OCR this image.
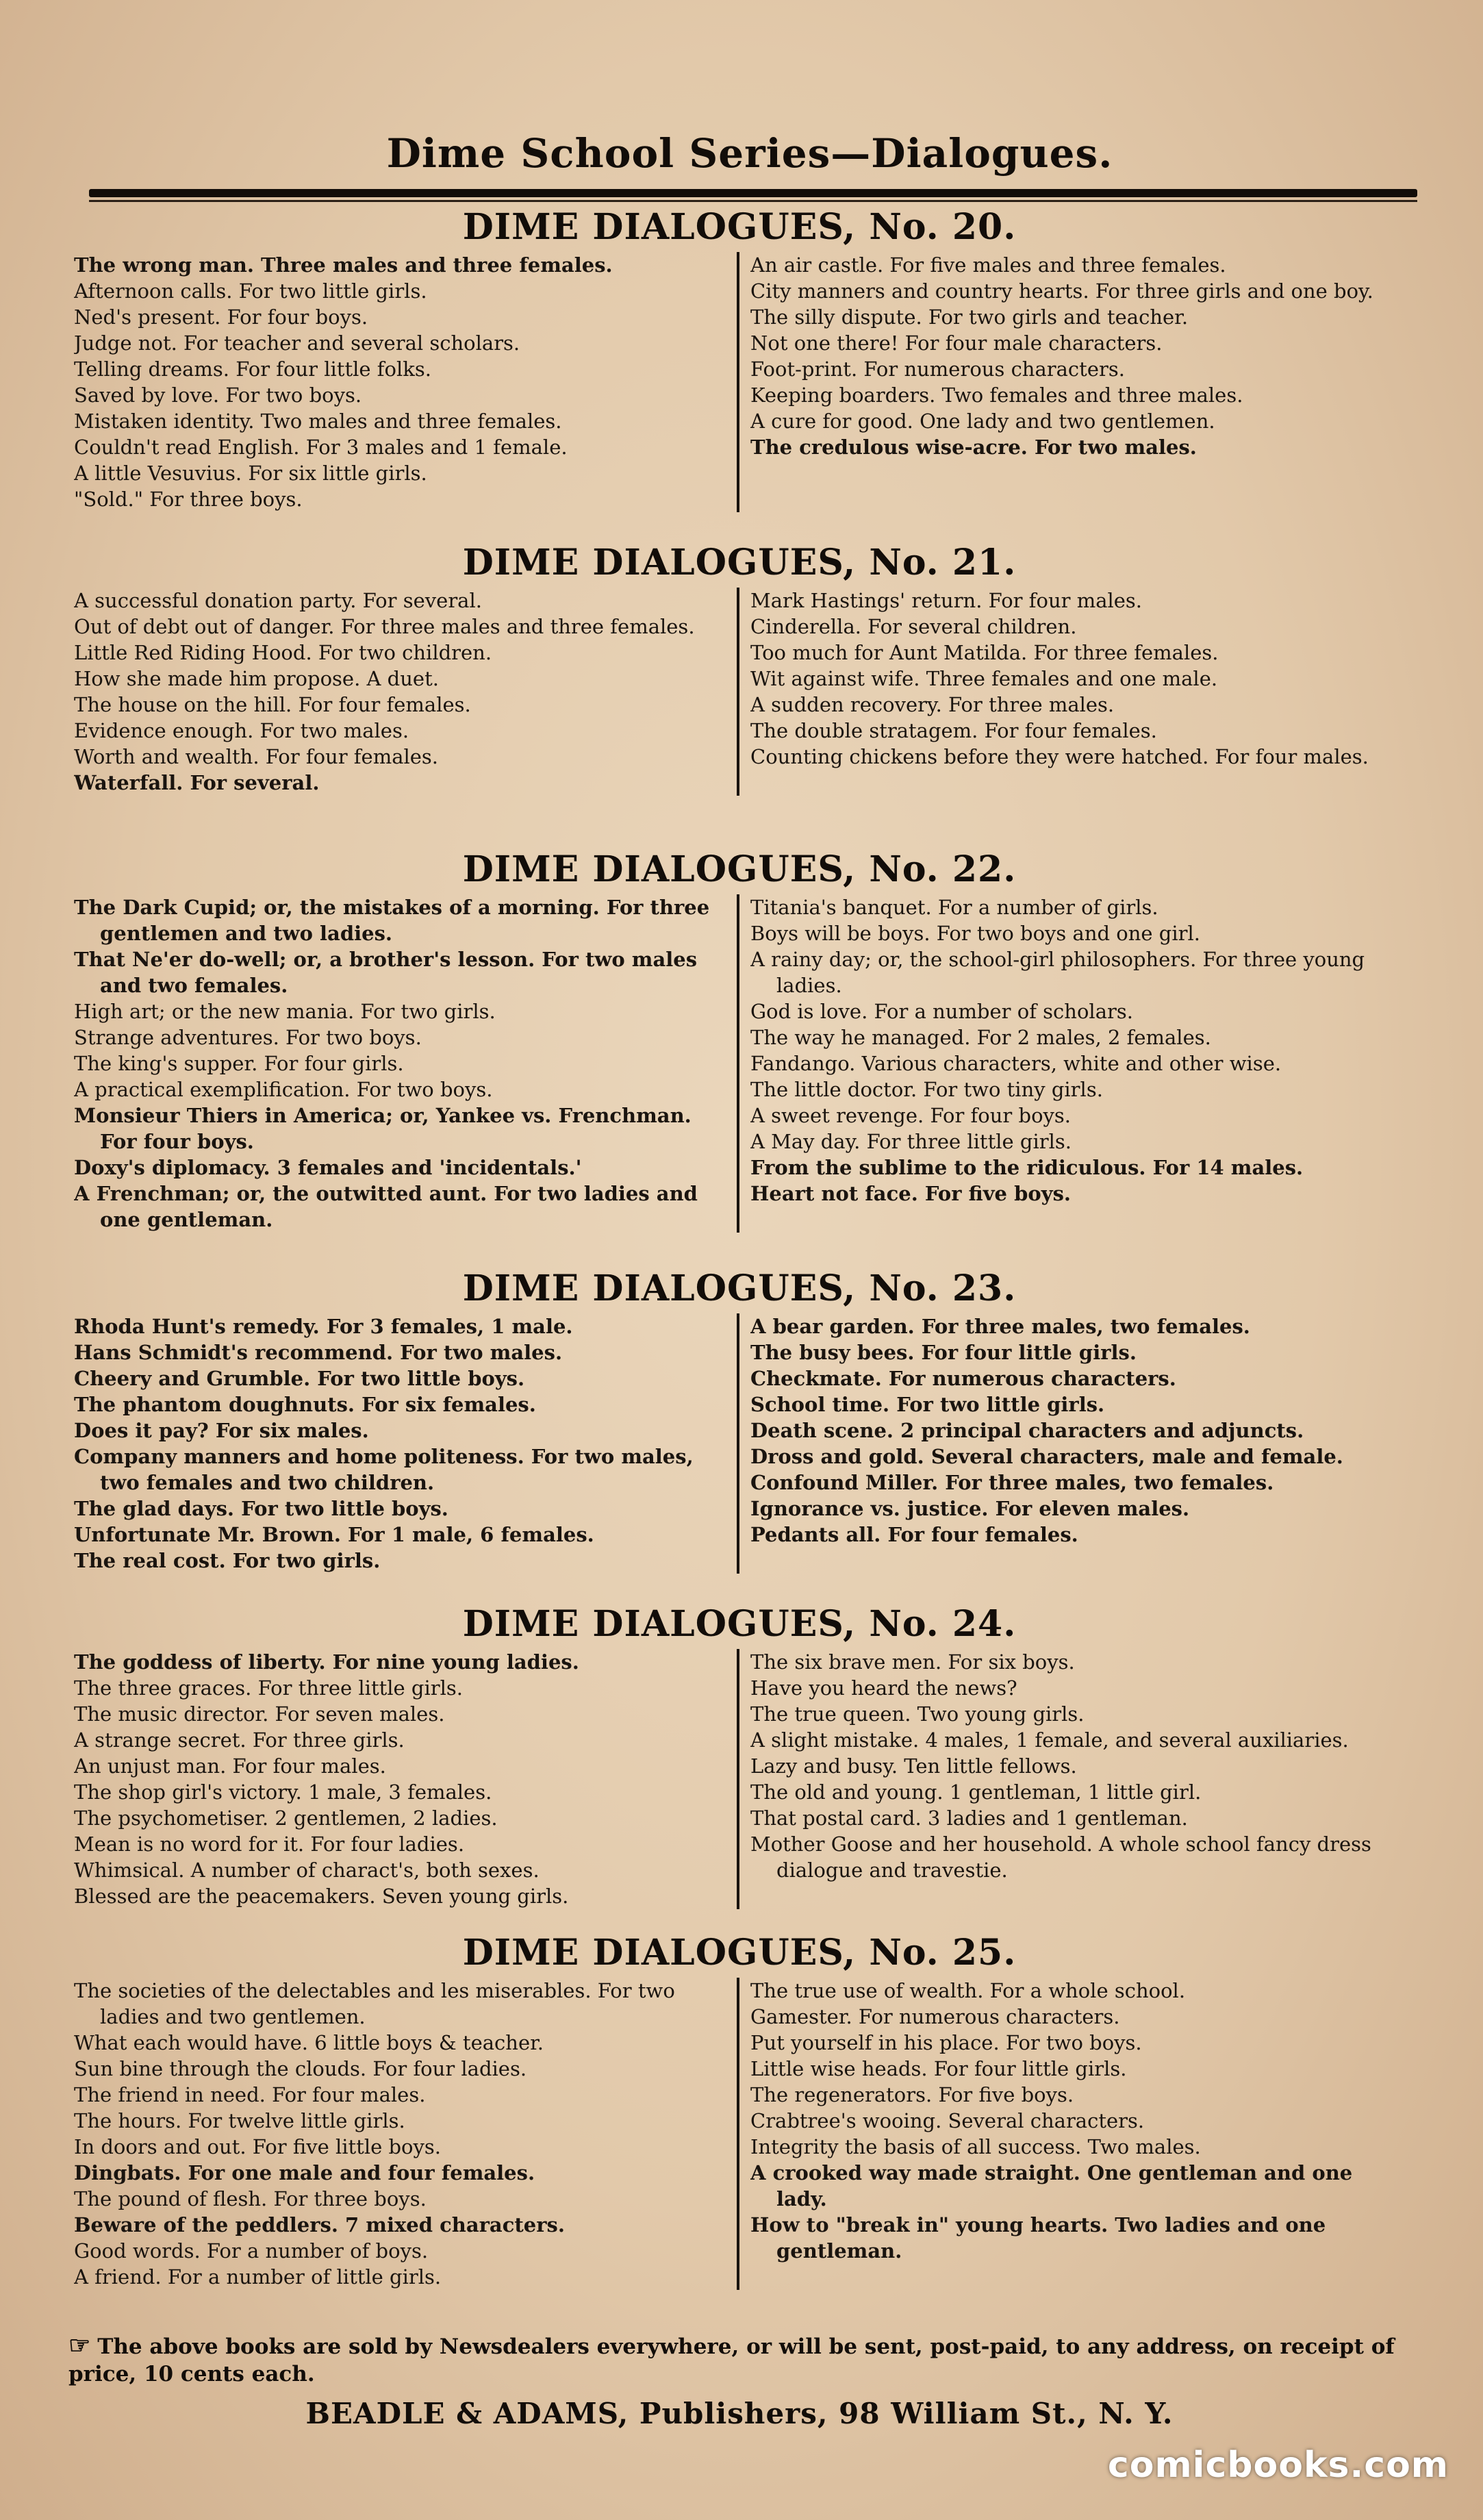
Dime School Series—Dialogues.
DIME DIALOGUES, No. 20.
The wrong man. Three males and three females.
Afternoon calls. For two little girls.
Ned's present. For four boys.
Judge not. For teacher and several scholars.
Telling dreams. For four little folks.
Saved by love. For two boys.
Mistaken identity. Two males and three females.
Couldn't read English. For 3 males and 1 female.
A little Vesuvius. For six little girls.
"Sold." For three boys.
An air castle. For five males and three females.
City manners and country hearts. For three girls and one boy.
The silly dispute. For two girls and teacher.
Not one there! For four male characters.
Foot-print. For numerous characters.
Keeping boarders. Two females and three males.
A cure for good. One lady and two gentlemen.
The credulous wise-acre. For two males.
DIME DIALOGUES, No. 21.
A successful donation party. For several.
Out of debt out of danger. For three males and three females.
Little Red Riding Hood. For two children.
How she made him propose. A duet.
The house on the hill. For four females.
Evidence enough. For two males.
Worth and wealth. For four females.
Waterfall. For several.
Mark Hastings' return. For four males.
Cinderella. For several children.
Too much for Aunt Matilda. For three females.
Wit against wife. Three females and one male.
A sudden recovery. For three males.
The double stratagem. For four females.
Counting chickens before they were hatched. For four males.
DIME DIALOGUES, No. 22.
The Dark Cupid; or, the mistakes of a morning. For three gentlemen and two ladies.
That Ne'er do-well; or, a brother's lesson. For two males and two females.
High art; or the new mania. For two girls.
Strange adventures. For two boys.
The king's supper. For four girls.
A practical exemplification. For two boys.
Monsieur Thiers in America; or, Yankee vs. Frenchman. For four boys.
Doxy's diplomacy. 3 females and 'incidentals.'
A Frenchman; or, the outwitted aunt. For two ladies and one gentleman.
Titania's banquet. For a number of girls.
Boys will be boys. For two boys and one girl.
A rainy day; or, the school-girl philosophers. For three young ladies.
God is love. For a number of scholars.
The way he managed. For 2 males, 2 females.
Fandango. Various characters, white and other wise.
The little doctor. For two tiny girls.
A sweet revenge. For four boys.
A May day. For three little girls.
From the sublime to the ridiculous. For 14 males.
Heart not face. For five boys.
DIME DIALOGUES, No. 23.
Rhoda Hunt's remedy. For 3 females, 1 male.
Hans Schmidt's recommend. For two males.
Cheery and Grumble. For two little boys.
The phantom doughnuts. For six females.
Does it pay? For six males.
Company manners and home politeness. For two males, two females and two children.
The glad days. For two little boys.
Unfortunate Mr. Brown. For 1 male, 6 females.
The real cost. For two girls.
A bear garden. For three males, two females.
The busy bees. For four little girls.
Checkmate. For numerous characters.
School time. For two little girls.
Death scene. 2 principal characters and adjuncts.
Dross and gold. Several characters, male and female.
Confound Miller. For three males, two females.
Ignorance vs. justice. For eleven males.
Pedants all. For four females.
DIME DIALOGUES, No. 24.
The goddess of liberty. For nine young ladies.
The three graces. For three little girls.
The music director. For seven males.
A strange secret. For three girls.
An unjust man. For four males.
The shop girl's victory. 1 male, 3 females.
The psychometiser. 2 gentlemen, 2 ladies.
Mean is no word for it. For four ladies.
Whimsical. A number of charact's, both sexes.
Blessed are the peacemakers. Seven young girls.
The six brave men. For six boys.
Have you heard the news?
The true queen. Two young girls.
A slight mistake. 4 males, 1 female, and several auxiliaries.
Lazy and busy. Ten little fellows.
The old and young. 1 gentleman, 1 little girl.
That postal card. 3 ladies and 1 gentleman.
Mother Goose and her household. A whole school fancy dress dialogue and travestie.
DIME DIALOGUES, No. 25.
The societies of the delectables and les miserables. For two ladies and two gentlemen.
What each would have. 6 little boys & teacher.
Sun bine through the clouds. For four ladies.
The friend in need. For four males.
The hours. For twelve little girls.
In doors and out. For five little boys.
Dingbats. For one male and four females.
The pound of flesh. For three boys.
Beware of the peddlers. 7 mixed characters.
Good words. For a number of boys.
A friend. For a number of little girls.
The true use of wealth. For a whole school.
Gamester. For numerous characters.
Put yourself in his place. For two boys.
Little wise heads. For four little girls.
The regenerators. For five boys.
Crabtree's wooing. Several characters.
Integrity the basis of all success. Two males.
A crooked way made straight. One gentleman and one lady.
How to "break in" young hearts. Two ladies and one gentleman.
☞ The above books are sold by Newsdealers everywhere, or will be sent, post-paid, to any address, on receipt of price, 10 cents each.
BEADLE & ADAMS, Publishers, 98 William St., N. Y.
comicbooks.com
